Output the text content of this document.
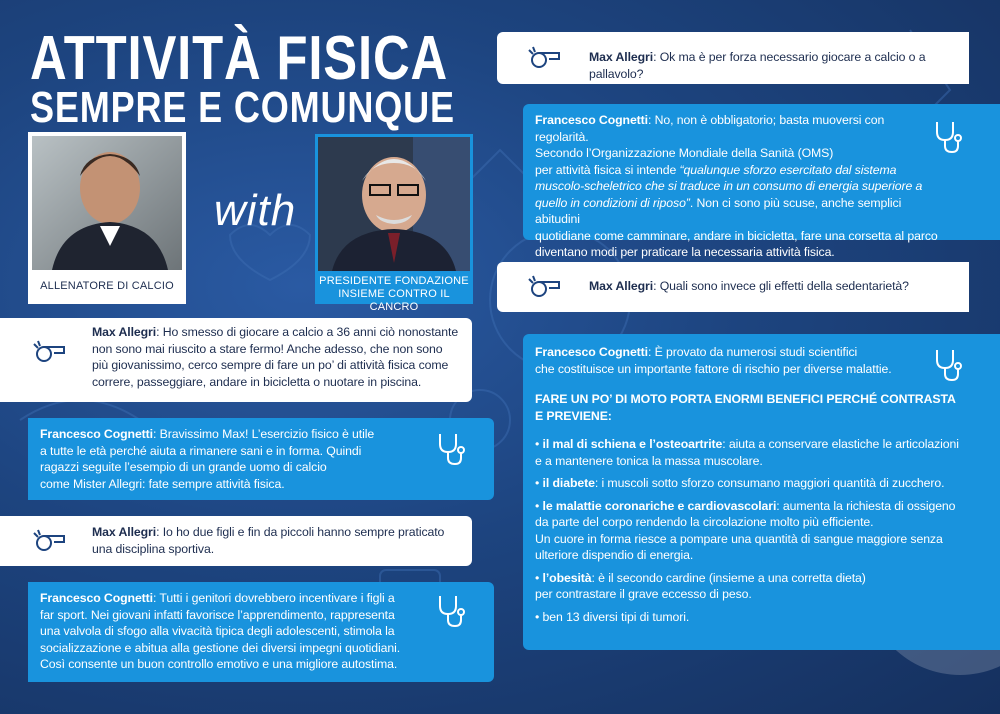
ATTIVITÀ FISICA
SEMPRE E COMUNQUE
ALLENATORE DI CALCIO
with
PRESIDENTE FONDAZIONE
INSIEME CONTRO IL CANCRO

Max Allegri: Ho smesso di giocare a calcio a 36 anni ciò nonostante
non sono mai riuscito a stare fermo! Anche adesso, che non sono
più giovanissimo, cerco sempre di fare un po’ di attività fisica come
correre, passeggiare, andare in bicicletta o nuotare in piscina.

Francesco Cognetti: Bravissimo Max! L’esercizio fisico è utile
a tutte le età perché aiuta a rimanere sani e in forma. Quindi
ragazzi seguite l’esempio di un grande uomo di calcio
come Mister Allegri: fate sempre attività fisica.

Max Allegri: Io ho due figli e fin da piccoli hanno sempre praticato
una disciplina sportiva.

Francesco Cognetti: Tutti i genitori dovrebbero incentivare i figli a
far sport. Nei giovani infatti favorisce l’apprendimento, rappresenta
una valvola di sfogo alla vivacità tipica degli adolescenti, stimola la
socializzazione e abitua alla gestione dei diversi impegni quotidiani.
Così consente un buon controllo emotivo e una migliore autostima.

Max Allegri: Ok ma è per forza necessario giocare a calcio o a pallavolo?

Francesco Cognetti: No, non è obbligatorio; basta muoversi con regolarità.

Secondo l’Organizzazione Mondiale della Sanità (OMS)

per attività fisica si intende “qualunque sforzo esercitato dal sistema
muscolo-scheletrico che si traduce in un consumo di energia superiore a
quello in condizioni di riposo”. Non ci sono più scuse, anche semplici abitudini
quotidiane come camminare, andare in bicicletta, fare una corsetta al parco
diventano modi per praticare la necessaria attività fisica.

Max Allegri: Quali sono invece gli effetti della sedentarietà?

Francesco Cognetti: È provato da numerosi studi scientifici
che costituisce un importante fattore di rischio per diverse malattie.

FARE UN PO’ DI MOTO PORTA ENORMI BENEFICI PERCHÉ CONTRASTA
E PREVIENE:

• il mal di schiena e l’osteoartrite: aiuta a conservare elastiche le articolazioni
e a mantenere tonica la massa muscolare.
• il diabete: i muscoli sotto sforzo consumano maggiori quantità di zucchero.
• le malattie coronariche e cardiovascolari: aumenta la richiesta di ossigeno
da parte del corpo rendendo la circolazione molto più efficiente.
Un cuore in forma riesce a pompare una quantità di sangue maggiore senza
ulteriore dispendio di energia.
• l’obesità: è il secondo cardine (insieme a una corretta dieta)
per contrastare il grave eccesso di peso.
• ben 13 diversi tipi di tumori.
